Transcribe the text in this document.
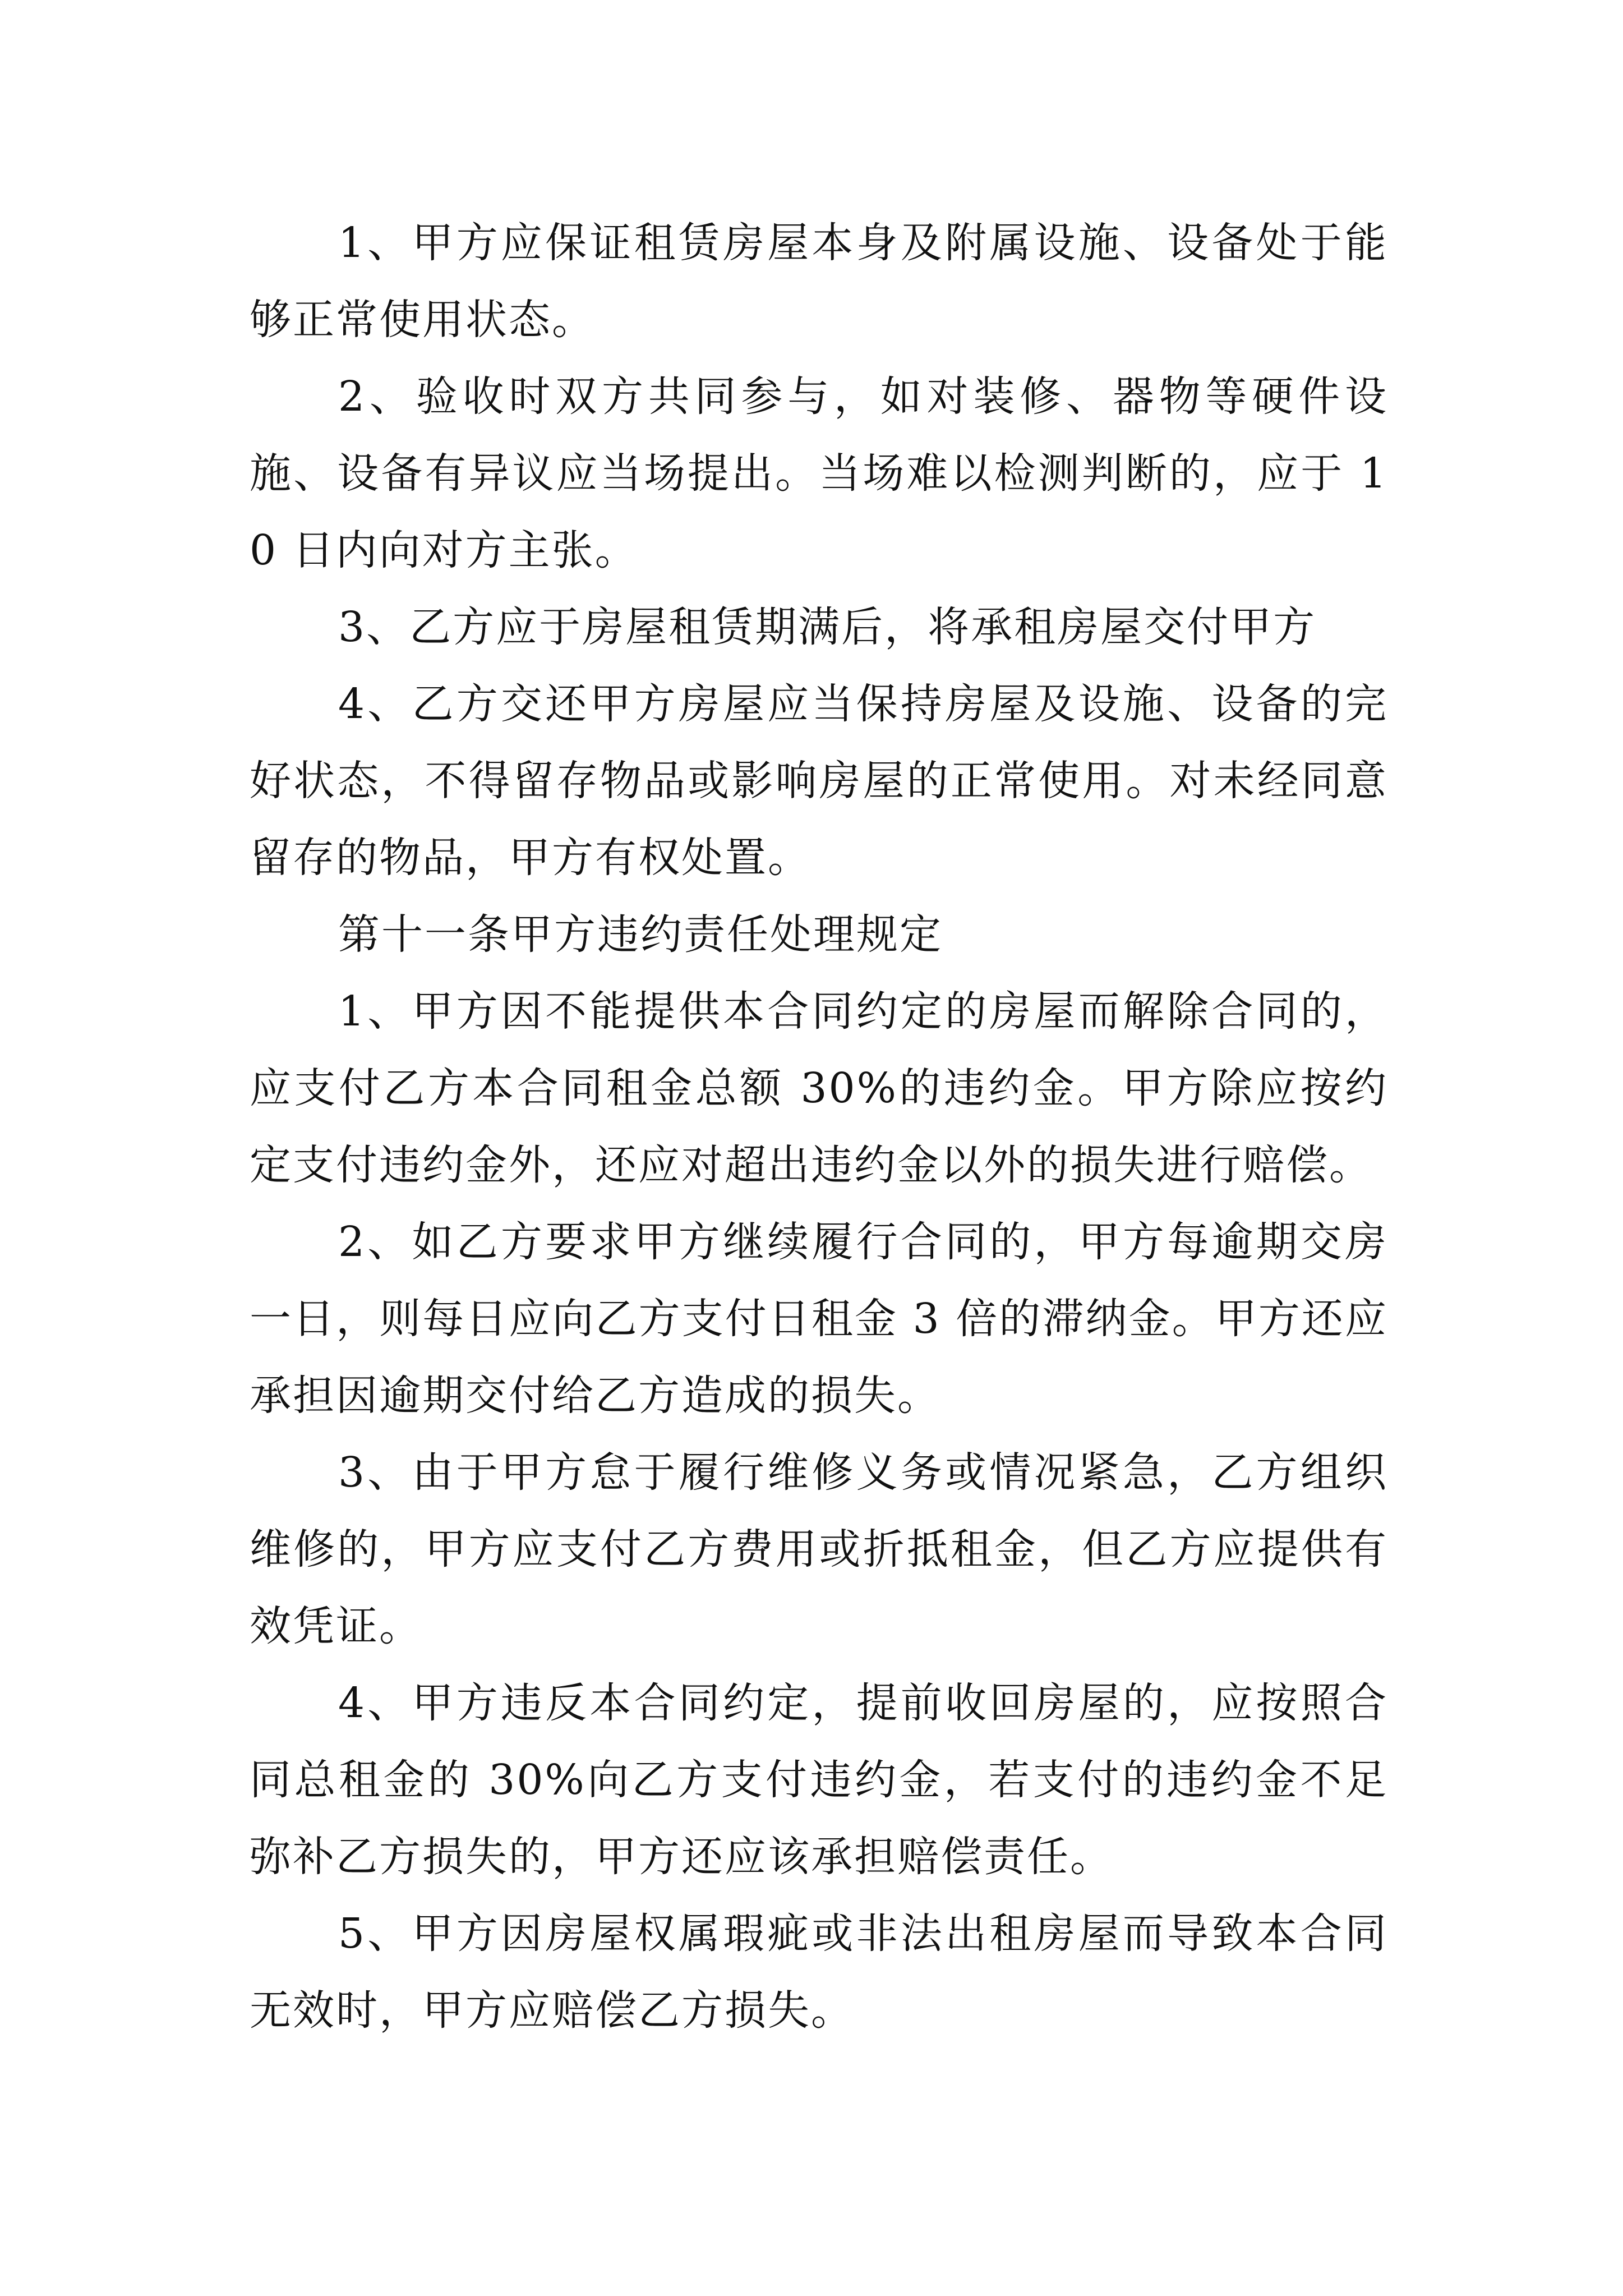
1、甲方应保证租赁房屋本身及附属设施、设备处于能够正常使用状态。

2、验收时双方共同参与，如对装修、器物等硬件设施、设备有异议应当场提出。当场难以检测判断的，应于 10 日内向对方主张。

3、乙方应于房屋租赁期满后，将承租房屋交付甲方

4、乙方交还甲方房屋应当保持房屋及设施、设备的完好状态，不得留存物品或影响房屋的正常使用。对未经同意留存的物品，甲方有权处置。

第十一条甲方违约责任处理规定

1、甲方因不能提供本合同约定的房屋而解除合同的，应支付乙方本合同租金总额 30%的违约金。甲方除应按约定支付违约金外，还应对超出违约金以外的损失进行赔偿。

2、如乙方要求甲方继续履行合同的，甲方每逾期交房一日，则每日应向乙方支付日租金 3 倍的滞纳金。甲方还应承担因逾期交付给乙方造成的损失。

3、由于甲方怠于履行维修义务或情况紧急，乙方组织维修的，甲方应支付乙方费用或折抵租金，但乙方应提供有效凭证。

4、甲方违反本合同约定，提前收回房屋的，应按照合同总租金的 30%向乙方支付违约金，若支付的违约金不足弥补乙方损失的，甲方还应该承担赔偿责任。

5、甲方因房屋权属瑕疵或非法出租房屋而导致本合同无效时，甲方应赔偿乙方损失。
